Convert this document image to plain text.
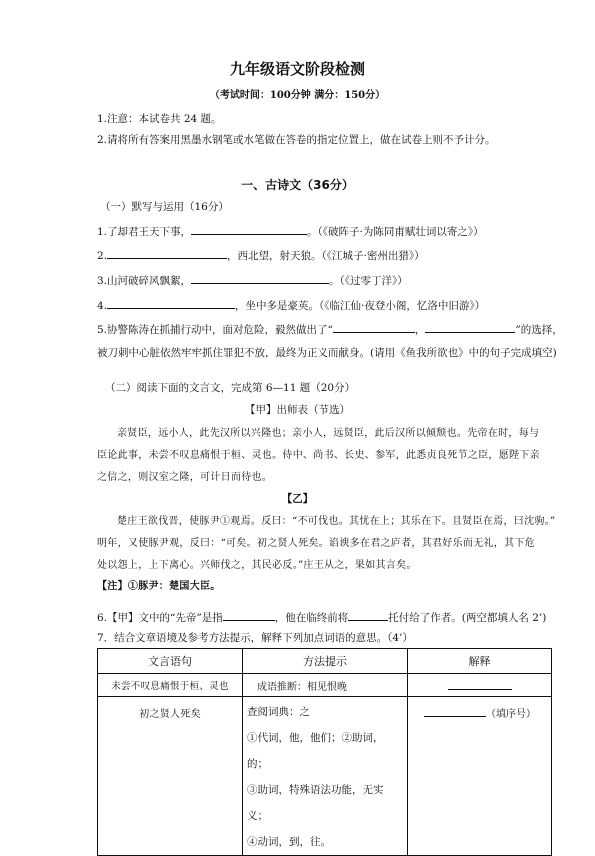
九年级语文阶段检测
（考试时间：100分钟 满分：150分）
1.注意：本试卷共 24 题。
2.请将所有答案用黑墨水钢笔或水笔做在答卷的指定位置上，做在试卷上则不予计分。
一、古诗文（36分）
（一）默写与运用（16分）
1.了却君王天下事，	。（《破阵子·为陈同甫赋壮词以寄之》）
2.	，西北望，射天狼。（《江城子·密州出猎》）
3.山河破碎风飘絮，	。（《过零丁洋》）
4.	，坐中多是豪英。（《临江仙·夜登小阁，忆洛中旧游》）
5.协警陈涛在抓捕行动中，面对危险，毅然做出了“	，	”的选择，
被刀刺中心脏依然牢牢抓住罪犯不放，最终为正义而献身。(请用《鱼我所欲也》中的句子完成填空)
（二）阅读下面的文言文，完成第 6—11 题（20分）
【甲】出师表（节选）
亲贤臣，远小人，此先汉所以兴隆也；亲小人，远贤臣，此后汉所以倾颓也。先帝在时，每与
臣论此事，未尝不叹息痛恨于桓、灵也。侍中、尚书、长史、参军，此悉贞良死节之臣，愿陛下亲
之信之，则汉室之隆，可计日而待也。
【乙】
楚庄王欲伐晋，使豚尹①观焉。反曰：“不可伐也。其忧在上；其乐在下。且贤臣在焉，曰沈驹。”
明年，又使豚尹观，反曰：“可矣。初之贤人死矣。谄谀多在君之庐者，其君好乐而无礼，其下危
处以怨上，上下离心。兴师伐之，其民必反。”庄王从之，果如其言矣。
【注】①豚尹：楚国大臣。
6.【甲】文中的“先帝”是指	，他在临终前将	托付给了作者。(两空都填人名 2’)
7．结合文章语境及参考方法提示，解释下列加点词语的意思。（4’）
文言语句	方法提示	解释
未尝不叹息痛恨于桓、灵也	成语推断：相见恨晚	
初之贤人死矣	查阅词典：之
①代词，他，他们；②助词，的；
③助词，特殊语法功能，无实义；
④动词，到，往。	（填序号）
